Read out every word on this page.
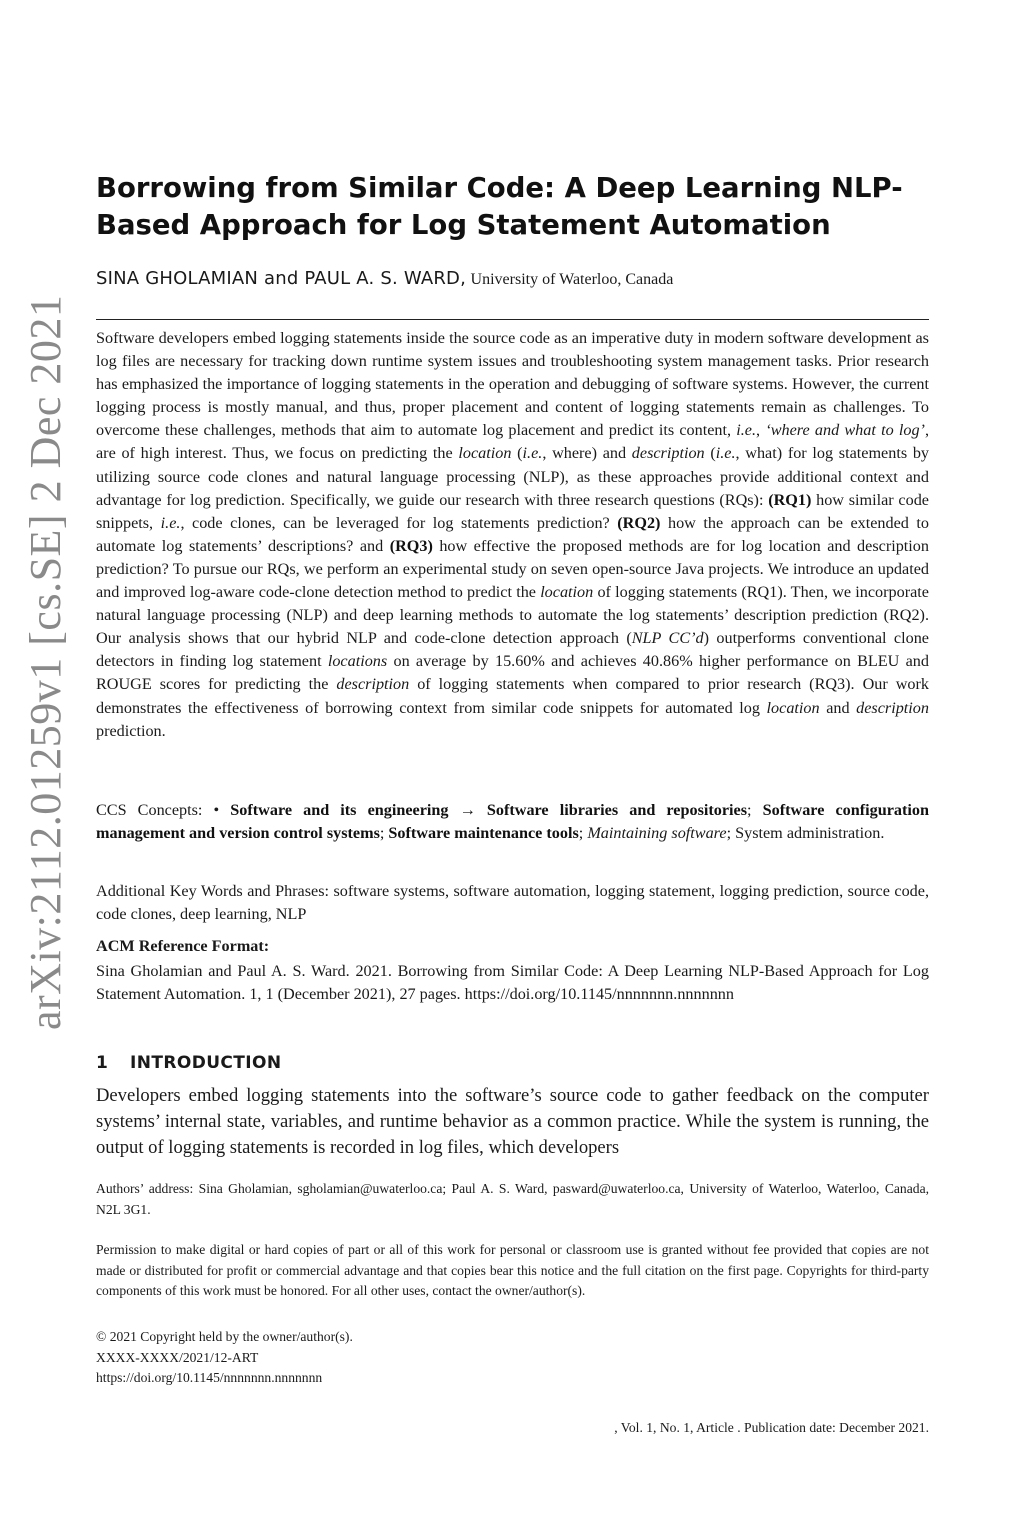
arXiv:2112.01259v1 [cs.SE] 2 Dec 2021
Borrowing from Similar Code: A Deep Learning NLP-Based Approach for Log Statement Automation
SINA GHOLAMIAN and PAUL A. S. WARD, University of Waterloo, Canada

Software developers embed logging statements inside the source code as an imperative duty in modern software development as log files are necessary for tracking down runtime system issues and troubleshooting system management tasks. Prior research has emphasized the importance of logging statements in the operation and debugging of software systems. However, the current logging process is mostly manual, and thus, proper placement and content of logging statements remain as challenges. To overcome these challenges, methods that aim to automate log placement and predict its content, i.e., ‘where and what to log’, are of high interest. Thus, we focus on predicting the location (i.e., where) and description (i.e., what) for log statements by utilizing source code clones and natural language processing (NLP), as these approaches provide additional context and advantage for log prediction. Specifically, we guide our research with three research questions (RQs): (RQ1) how similar code snippets, i.e., code clones, can be leveraged for log statements prediction? (RQ2) how the approach can be extended to automate log statements’ descriptions? and (RQ3) how effective the proposed methods are for log location and description prediction? To pursue our RQs, we perform an experimental study on seven open-source Java projects. We introduce an updated and improved log-aware code-clone detection method to predict the location of logging statements (RQ1). Then, we incorporate natural language processing (NLP) and deep learning methods to automate the log statements’ description prediction (RQ2). Our analysis shows that our hybrid NLP and code-clone detection approach (NLP CC’d) outperforms conventional clone detectors in finding log statement locations on average by 15.60% and achieves 40.86% higher performance on BLEU and ROUGE scores for predicting the description of logging statements when compared to prior research (RQ3). Our work demonstrates the effectiveness of borrowing context from similar code snippets for automated log location and description prediction.

CCS Concepts: • Software and its engineering → Software libraries and repositories; Software configuration management and version control systems; Software maintenance tools; Maintaining software; System administration.

Additional Key Words and Phrases: software systems, software automation, logging statement, logging prediction, source code, code clones, deep learning, NLP

ACM Reference Format:

Sina Gholamian and Paul A. S. Ward. 2021. Borrowing from Similar Code: A Deep Learning NLP-Based Approach for Log Statement Automation. 1, 1 (December 2021), 27 pages. https://doi.org/10.1145/nnnnnnn.nnnnnnn

1 INTRODUCTION

Developers embed logging statements into the software’s source code to gather feedback on the computer systems’ internal state, variables, and runtime behavior as a common practice. While the system is running, the output of logging statements is recorded in log files, which developers

Authors’ address: Sina Gholamian, sgholamian@uwaterloo.ca; Paul A. S. Ward, pasward@uwaterloo.ca, University of Waterloo, Waterloo, Canada, N2L 3G1.

Permission to make digital or hard copies of part or all of this work for personal or classroom use is granted without fee provided that copies are not made or distributed for profit or commercial advantage and that copies bear this notice and the full citation on the first page. Copyrights for third-party components of this work must be honored. For all other uses, contact the owner/author(s).

© 2021 Copyright held by the owner/author(s).
XXXX-XXXX/2021/12-ART
https://doi.org/10.1145/nnnnnnn.nnnnnnn
, Vol. 1, No. 1, Article . Publication date: December 2021.
